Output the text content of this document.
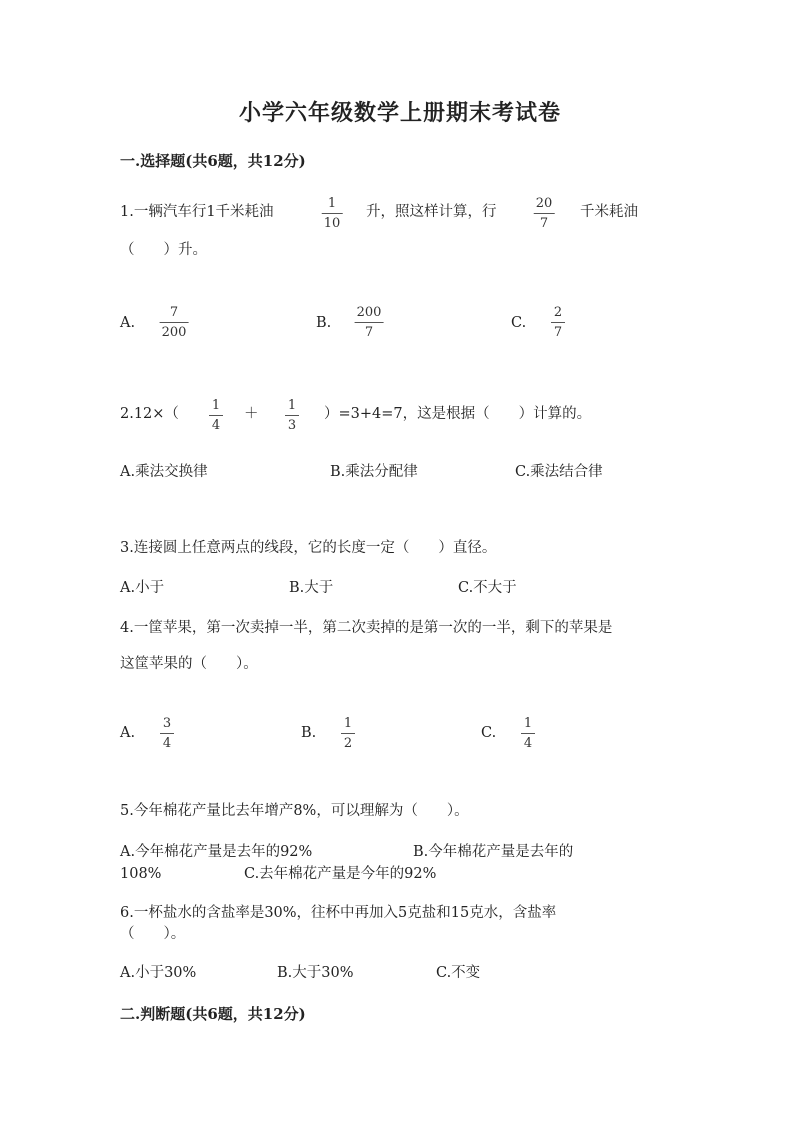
小学六年级数学上册期末考试卷
一.选择题(共6题，共12分)
1.一辆汽车行1千米耗油
1
10
升，照这样计算，行
20
7
千米耗油
（　　）升。
A.
7
200
B.
200
7
C.
2
7
2.12×（
1
4
＋
1
3
）=3+4=7，这是根据（　　）计算的。
A.乘法交换律	B.乘法分配律	C.乘法结合律
3.连接圆上任意两点的线段，它的长度一定（　　）直径。
A.小于	B.大于	C.不大于
4.一筐苹果，第一次卖掉一半，第二次卖掉的是第一次的一半，剩下的苹果是
这筐苹果的（　　）。
A.
3
4
B.
1
2
C.
1
4
5.今年棉花产量比去年增产8%，可以理解为（　　）。
A.今年棉花产量是去年的92%	B.今年棉花产量是去年的
108%	C.去年棉花产量是今年的92%
6.一杯盐水的含盐率是30%，往杯中再加入5克盐和15克水，含盐率
（　　）。
A.小于30%	B.大于30%	C.不变
二.判断题(共6题，共12分)
